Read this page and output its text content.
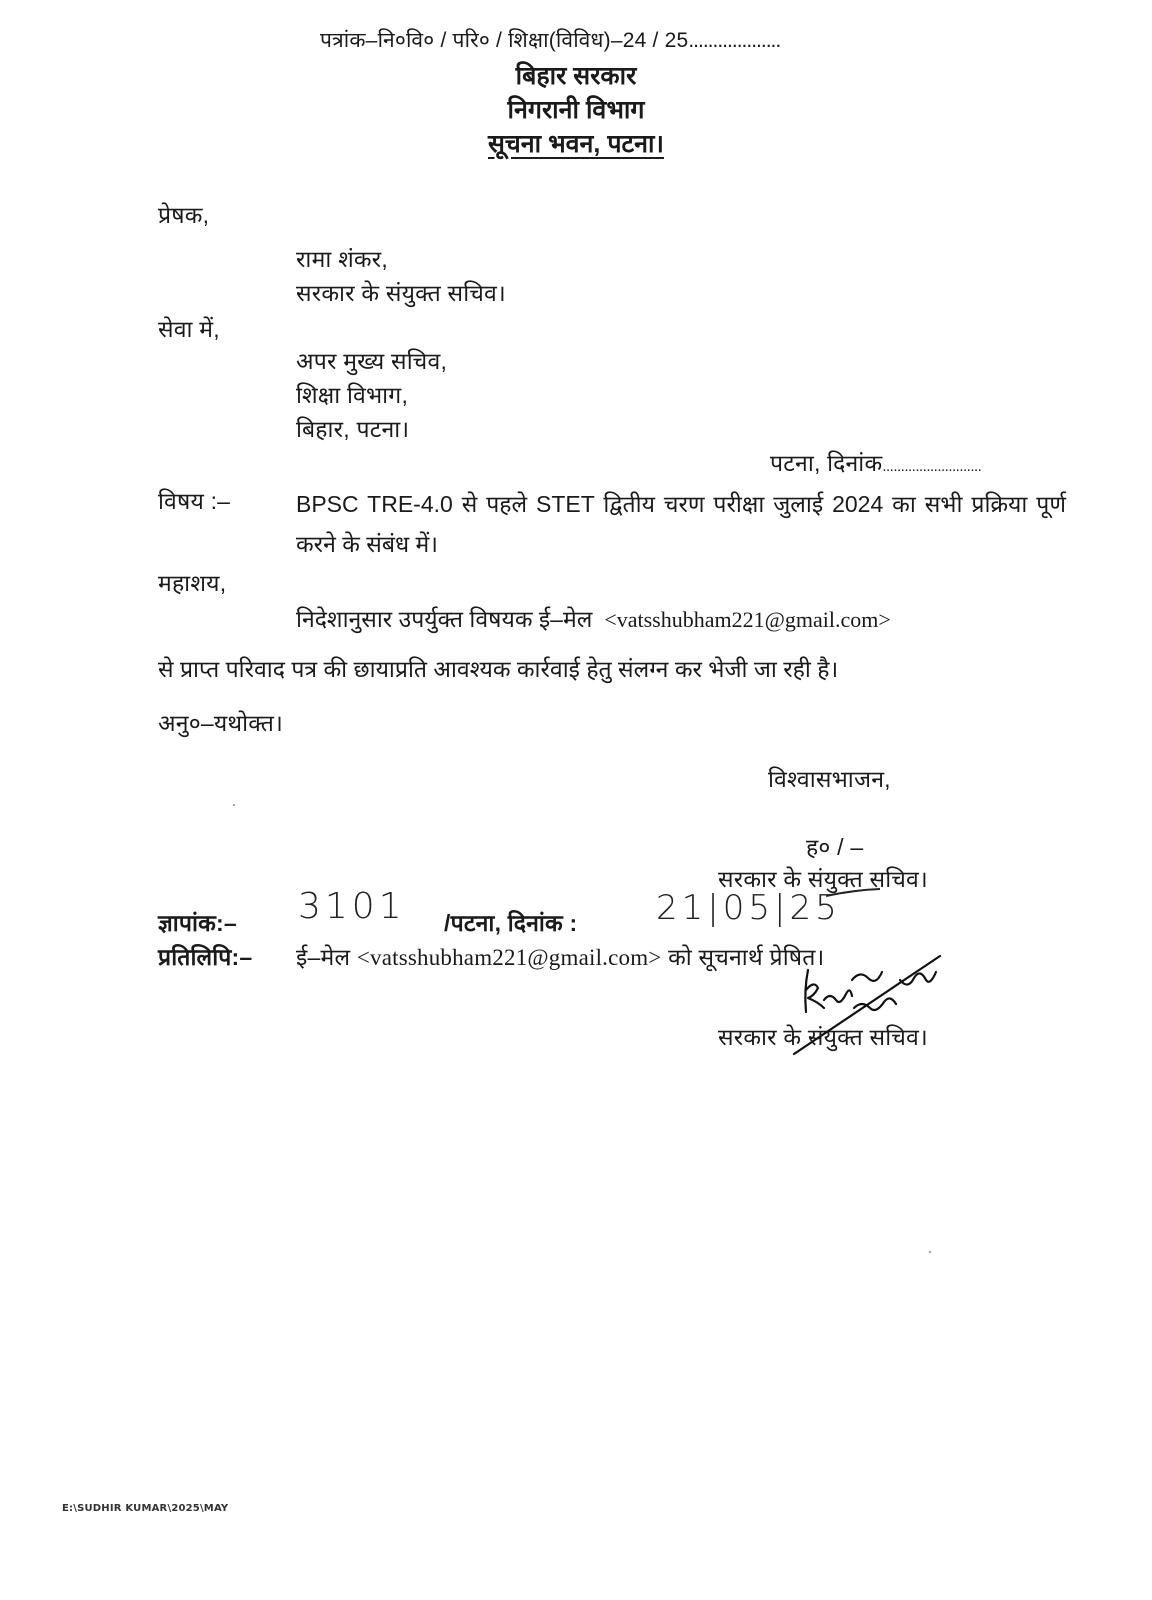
पत्रांक–नि०वि० / परि० / शिक्षा(विविध)–24 / 25...................
बिहार सरकार
निगरानी विभाग
सूचना भवन, पटना।
प्रेषक,
रामा शंकर,
सरकार के संयुक्त सचिव।
सेवा में,
अपर मुख्य सचिव,
शिक्षा विभाग,
बिहार, पटना।
पटना, दिनांक...........................
विषय :–	BPSC TRE-4.0 से पहले STET द्वितीय चरण परीक्षा जुलाई 2024 का सभी प्रक्रिया पूर्ण करने के संबंध में।
महाशय,
निदेशानुसार उपर्युक्त विषयक ई–मेल <vatsshubham221@gmail.com>
से प्राप्त परिवाद पत्र की छायाप्रति आवश्यक कार्रवाई हेतु संलग्न कर भेजी जा रही है।
अनु०–यथोक्त।
विश्वासभाजन,
ह० / –
सरकार के संयुक्त सचिव।
ज्ञापांक:– 3101 /पटना, दिनांक : 21|05|25
प्रतिलिपि:– ई–मेल <vatsshubham221@gmail.com> को सूचनार्थ प्रेषित।
सरकार के संयुक्त सचिव।
E:\SUDHIR KUMAR\2025\MAY
